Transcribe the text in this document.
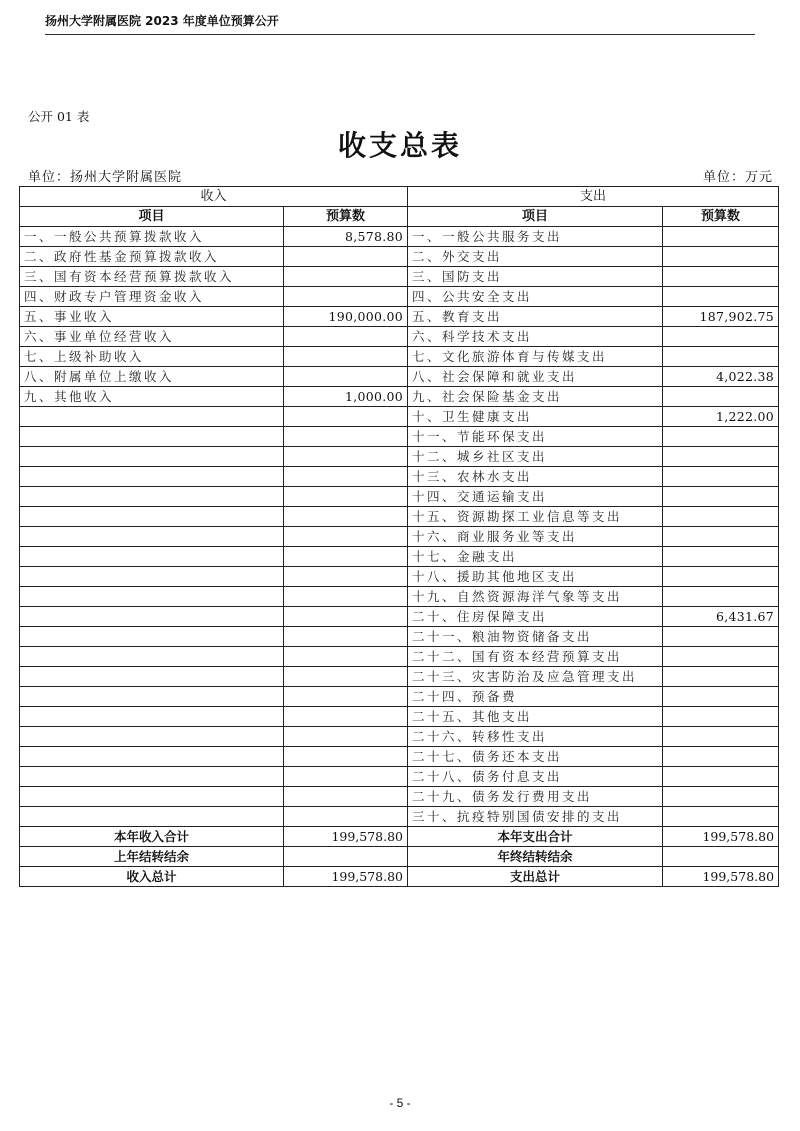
扬州大学附属医院 2023 年度单位预算公开
公开 01 表
收支总表
单位：扬州大学附属医院	单位：万元
收入		支出	
项目	预算数	项目	预算数
一、一般公共预算拨款收入	8,578.80	一、一般公共服务支出	
二、政府性基金预算拨款收入		二、外交支出	
三、国有资本经营预算拨款收入		三、国防支出	
四、财政专户管理资金收入		四、公共安全支出	
五、事业收入	190,000.00	五、教育支出	187,902.75
六、事业单位经营收入		六、科学技术支出	
七、上级补助收入		七、文化旅游体育与传媒支出	
八、附属单位上缴收入		八、社会保障和就业支出	4,022.38
九、其他收入	1,000.00	九、社会保险基金支出	
		十、卫生健康支出	1,222.00
		十一、节能环保支出	
		十二、城乡社区支出	
		十三、农林水支出	
		十四、交通运输支出	
		十五、资源勘探工业信息等支出	
		十六、商业服务业等支出	
		十七、金融支出	
		十八、援助其他地区支出	
		十九、自然资源海洋气象等支出	
		二十、住房保障支出	6,431.67
		二十一、粮油物资储备支出	
		二十二、国有资本经营预算支出	
		二十三、灾害防治及应急管理支出	
		二十四、预备费	
		二十五、其他支出	
		二十六、转移性支出	
		二十七、债务还本支出	
		二十八、债务付息支出	
		二十九、债务发行费用支出	
		三十、抗疫特别国债安排的支出	
本年收入合计	199,578.80	本年支出合计	199,578.80
上年结转结余		年终结转结余	
收入总计	199,578.80	支出总计	199,578.80
- 5 -
